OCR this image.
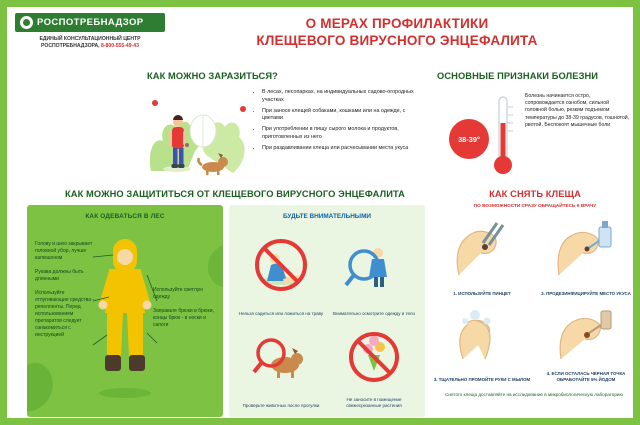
РОСПОТРЕБНАДЗОР
ЕДИНЫЙ КОНСУЛЬТАЦИОННЫЙ ЦЕНТР
РОСПОТРЕБНАДЗОРА, 8-800-555-49-43
О МЕРАХ ПРОФИЛАКТИКИ
КЛЕЩЕВОГО ВИРУСНОГО ЭНЦЕФАЛИТА
КАК МОЖНО ЗАРАЗИТЬСЯ?
• В лесах, лесопарках, на индивидуальных садово-огородных участках
• При заносе клещей собаками, кошками или на одежде, с цветами
• При употреблении в пищу сырого молока и продуктов, приготовленных из него
• При раздавливании клеща или расчесывании места укуса
ОСНОВНЫЕ ПРИЗНАКИ БОЛЕЗНИ
38-39°
Болезнь начинается остро, сопровождается ознобом, сильной головной болью, резким подъемом температуры до 38-39 градусов, тошнотой, рвотой. Беспокоят мышечные боли
КАК МОЖНО ЗАЩИТИТЬСЯ ОТ КЛЕЩЕВОГО ВИРУСНОГО ЭНЦЕФАЛИТА
КАК ОДЕВАТЬСЯ В ЛЕС

Голову и шею закрывает головной убор, лучше капюшоном

Рукава должны быть длинными

Используйте отпугивающие средства - репелленты. Перед использованием препаратов следует ознакомиться с инструкцией

Используйте светлую одежду

Заправьте брюки в брюки, концы брюк - в носки и сапоги

БУДЬТЕ ВНИМАТЕЛЬНЫМИ
Нельзя садиться или ложиться на траву	Внимательно осмотрите одежду и тело
Проверьте животных после прогулки
Не заносите в помещение свежесрезанные растения
КАК СНЯТЬ КЛЕЩА
ПО ВОЗМОЖНОСТИ СРАЗУ ОБРАЩАЙТЕСЬ К ВРАЧУ
1. ИСПОЛЬЗУЙТЕ ПИНЦЕТ	2. ПРОДЕЗИНФИЦИРУЙТЕ МЕСТО УКУСА
3. ТЩАТЕЛЬНО ПРОМОЙТЕ РУКИ С МЫЛОМ
4. ЕСЛИ ОСТАЛАСЬ ЧЕРНАЯ ТОЧКА ОБРАБОТАЙТЕ 5% ЙОДОМ
Снятого клеща доставляйте на исследование в микробиологическую лабораторию
